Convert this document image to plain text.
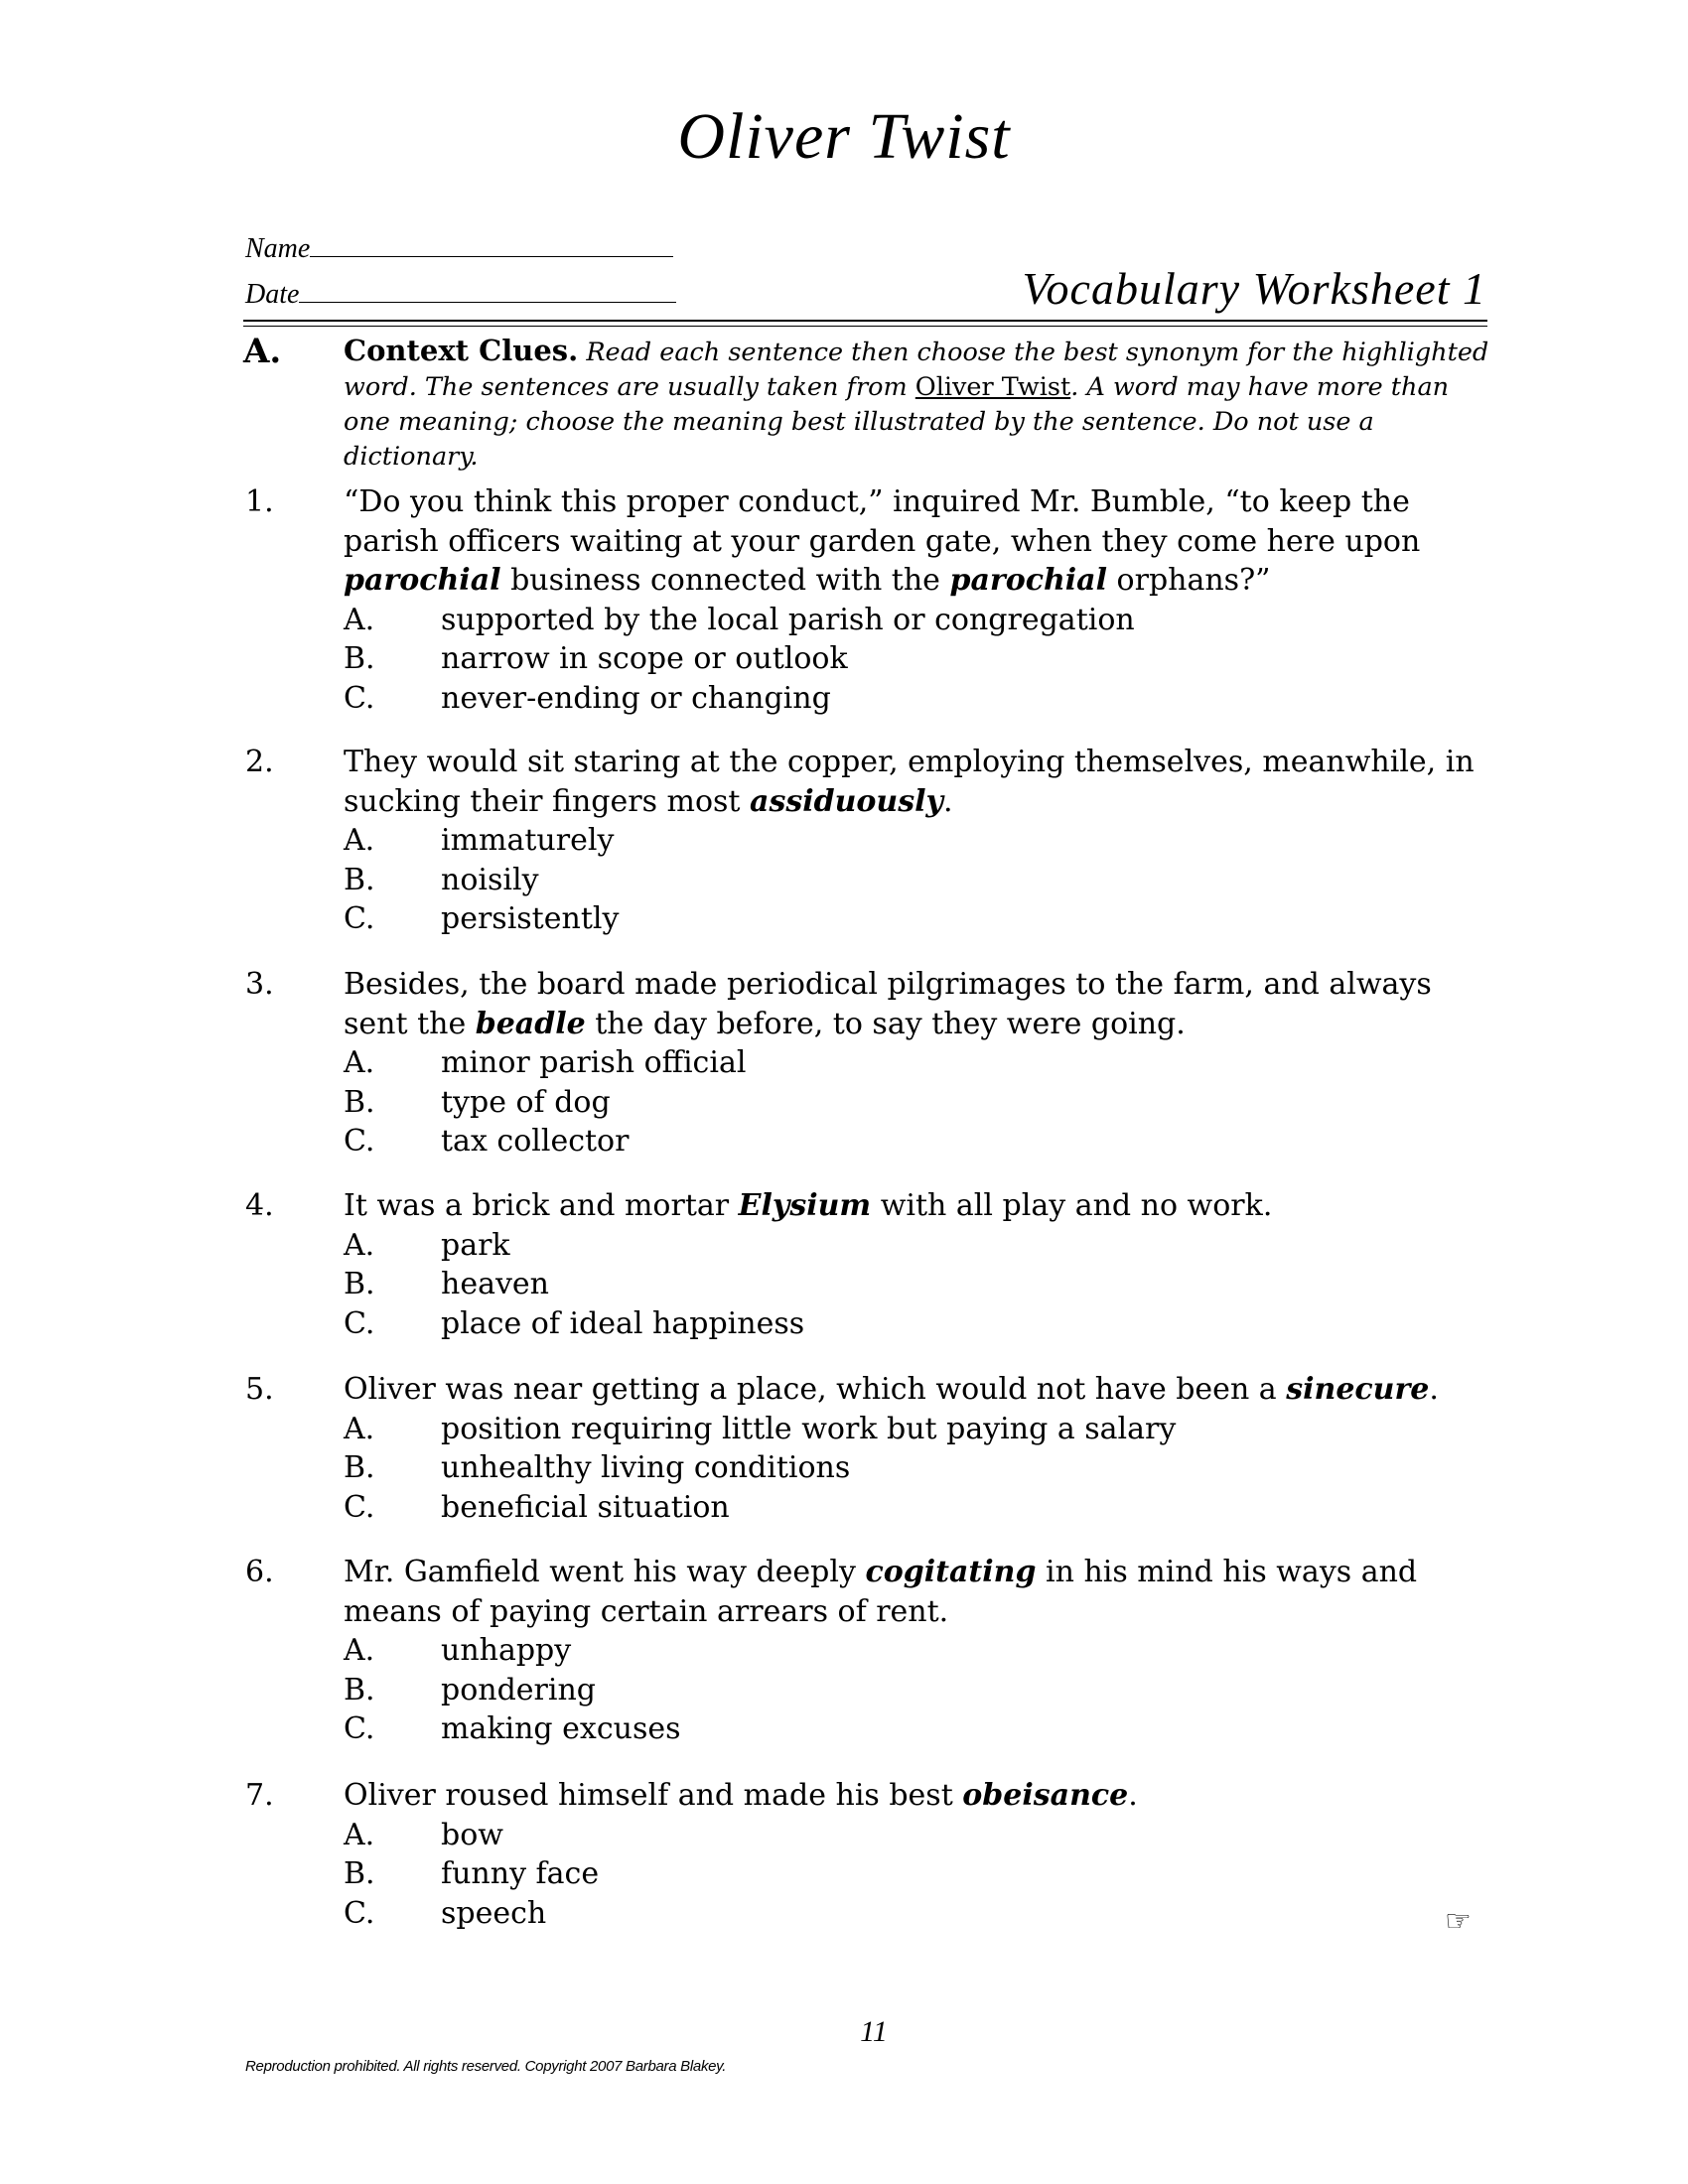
Oliver Twist
Name
Date	Vocabulary Worksheet 1
A. Context Clues. Read each sentence then choose the best synonym for the highlighted word. The sentences are usually taken from Oliver Twist. A word may have more than one meaning; choose the meaning best illustrated by the sentence. Do not use a dictionary.
1. “Do you think this proper conduct,” inquired Mr. Bumble, “to keep the parish officers waiting at your garden gate, when they come here upon parochial business connected with the parochial orphans?”
A. supported by the local parish or congregation
B. narrow in scope or outlook
C. never-ending or changing
2. They would sit staring at the copper, employing themselves, meanwhile, in sucking their fingers most assiduously.
A. immaturely
B. noisily
C. persistently
3. Besides, the board made periodical pilgrimages to the farm, and always sent the beadle the day before, to say they were going.
A. minor parish official
B. type of dog
C. tax collector
4. It was a brick and mortar Elysium with all play and no work.
A. park
B. heaven
C. place of ideal happiness
5. Oliver was near getting a place, which would not have been a sinecure.
A. position requiring little work but paying a salary
B. unhealthy living conditions
C. beneficial situation
6. Mr. Gamfield went his way deeply cogitating in his mind his ways and means of paying certain arrears of rent.
A. unhappy
B. pondering
C. making excuses
7. Oliver roused himself and made his best obeisance.
A. bow
B. funny face
C. speech	☞
11
Reproduction prohibited. All rights reserved. Copyright 2007 Barbara Blakey.
